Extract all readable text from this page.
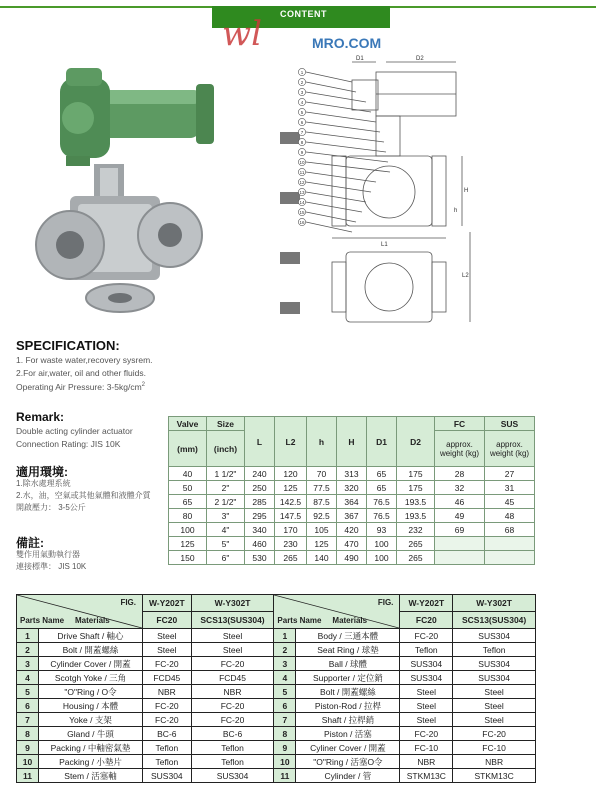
CONTENT
wl	MRO.COM
D1	D2
L1
L2
h
H
1
2
3
4
5
6
7
8
9
10
11
12
13
14
15
16
SPECIFICATION:
1. For waste water,recovery sysrem.
2.For air,water, oil and other fluids.
Operating Air Pressure: $3-5kg/cm^2$
Remark:
Double acting cylinder actuator
Connection Rating: JIS 10K
適用環境:
1.除水處理系統
2.水，油，空氣或其他氣體和液體介質
開啟壓力： 3-5公斤
備註:
雙作用氣動執行器
連接標準： JIS 10K
Valve	Size	L	L2	h	H	D1	D2	FC	SUS
(mm)	(inch)							approx. weight (kg)	approx. weight (kg)

40	1 1/2"	240	120	70	313	65	175	28	27
50	2"	250	125	77.5	320	65	175	32	31
65	2 1/2"	285	142.5	87.5	364	76.5	193.5	46	45
80	3"	295	147.5	92.5	367	76.5	193.5	49	48
100	4"	340	170	105	420	93	232	69	68
125	5"	460	230	125	470	100	265		
150	6"	530	265	140	490	100	265		
FIG.
Parts Name Materials		W-Y202T	W-Y302T	FIG.
Parts Name Materials		W-Y202T	W-Y302T
		FC20	SCS13(SUS304)			FC20	SCS13(SUS304)
1	Drive Shaft / 軸心	Steel	Steel	1	Body / 三通本體	FC-20	SUS304
2	Bolt / 開蓋螺絲	Steel	Steel	2	Seat Ring / 球墊	Teflon	Teflon
3	Cylinder Cover / 開蓋	FC-20	FC-20	3	Ball / 球體	SUS304	SUS304
4	Scotgh Yoke / 三角	FCD45	FCD45	4	Supporter / 定位銷	SUS304	SUS304
5	"O"Ring / O令	NBR	NBR	5	Bolt / 開蓋螺絲	Steel	Steel
6	Housing / 本體	FC-20	FC-20	6	Piston-Rod / 拉桿	Steel	Steel
7	Yoke / 支架	FC-20	FC-20	7	Shaft / 拉桿銷	Steel	Steel
8	Gland / 牛頭	BC-6	BC-6	8	Piston / 活塞	FC-20	FC-20
9	Packing / 中軸密氣墊	Teflon	Teflon	9	Cyliner Cover / 開蓋	FC-10	FC-10
10	Packing / 小墊片	Teflon	Teflon	10	"O"Ring / 活塞O令	NBR	NBR
11	Stem / 活塞軸	SUS304	SUS304	11	Cylinder / 管	STKM13C	STKM13C
